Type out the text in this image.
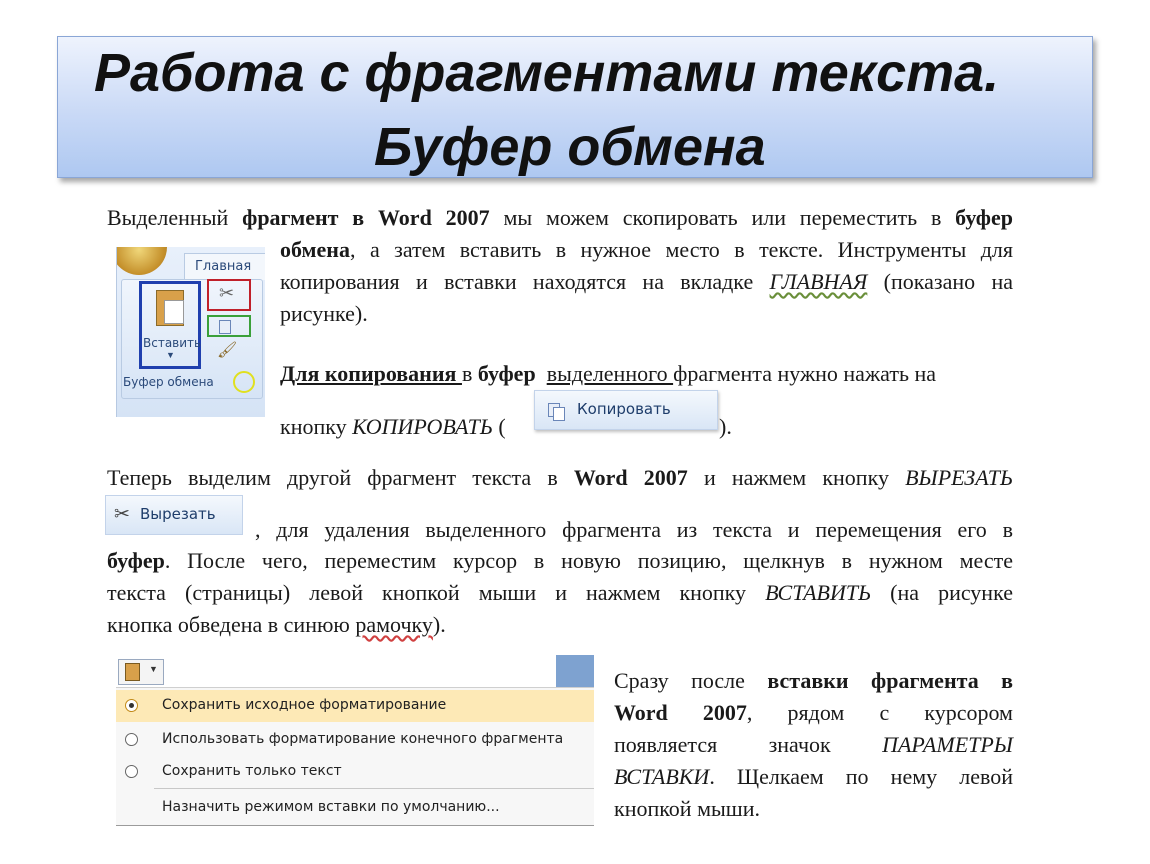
Работа с фрагментами текста.
Буфер обмена
Выделенный фрагмент в Word 2007 мы можем скопировать или переместить в буфер
обмена, а затем вставить в нужное место в тексте. Инструменты для
копирования и вставки находятся на вкладке ГЛАВНАЯ (показано на
рисунке).
Главная
Вставить
▼
✂
🖌
Буфер обмена	Для копирования в буфер выделенного фрагмента нужно нажать на
кнопку КОПИРОВАТЬ (
Копировать
).
Теперь выделим другой фрагмент текста в Word 2007 и нажмем кнопку ВЫРЕЗАТЬ
✂ Вырезать
, для удаления выделенного фрагмента из текста и перемещения его в
буфер. После чего, переместим курсор в новую позицию, щелкнув в нужном месте
текста (страницы) левой кнопкой мыши и нажмем кнопку ВСТАВИТЬ (на рисунке
кнопка обведена в синюю рамочку).
▼
Сохранить исходное форматирование
Использовать форматирование конечного фрагмента
Сохранить только текст
Назначить режимом вставки по умолчанию...
Сразу после вставки фрагмента в
Word 2007, рядом с курсором
появляется значок ПАРАМЕТРЫ
ВСТАВКИ. Щелкаем по нему левой
кнопкой мыши.
